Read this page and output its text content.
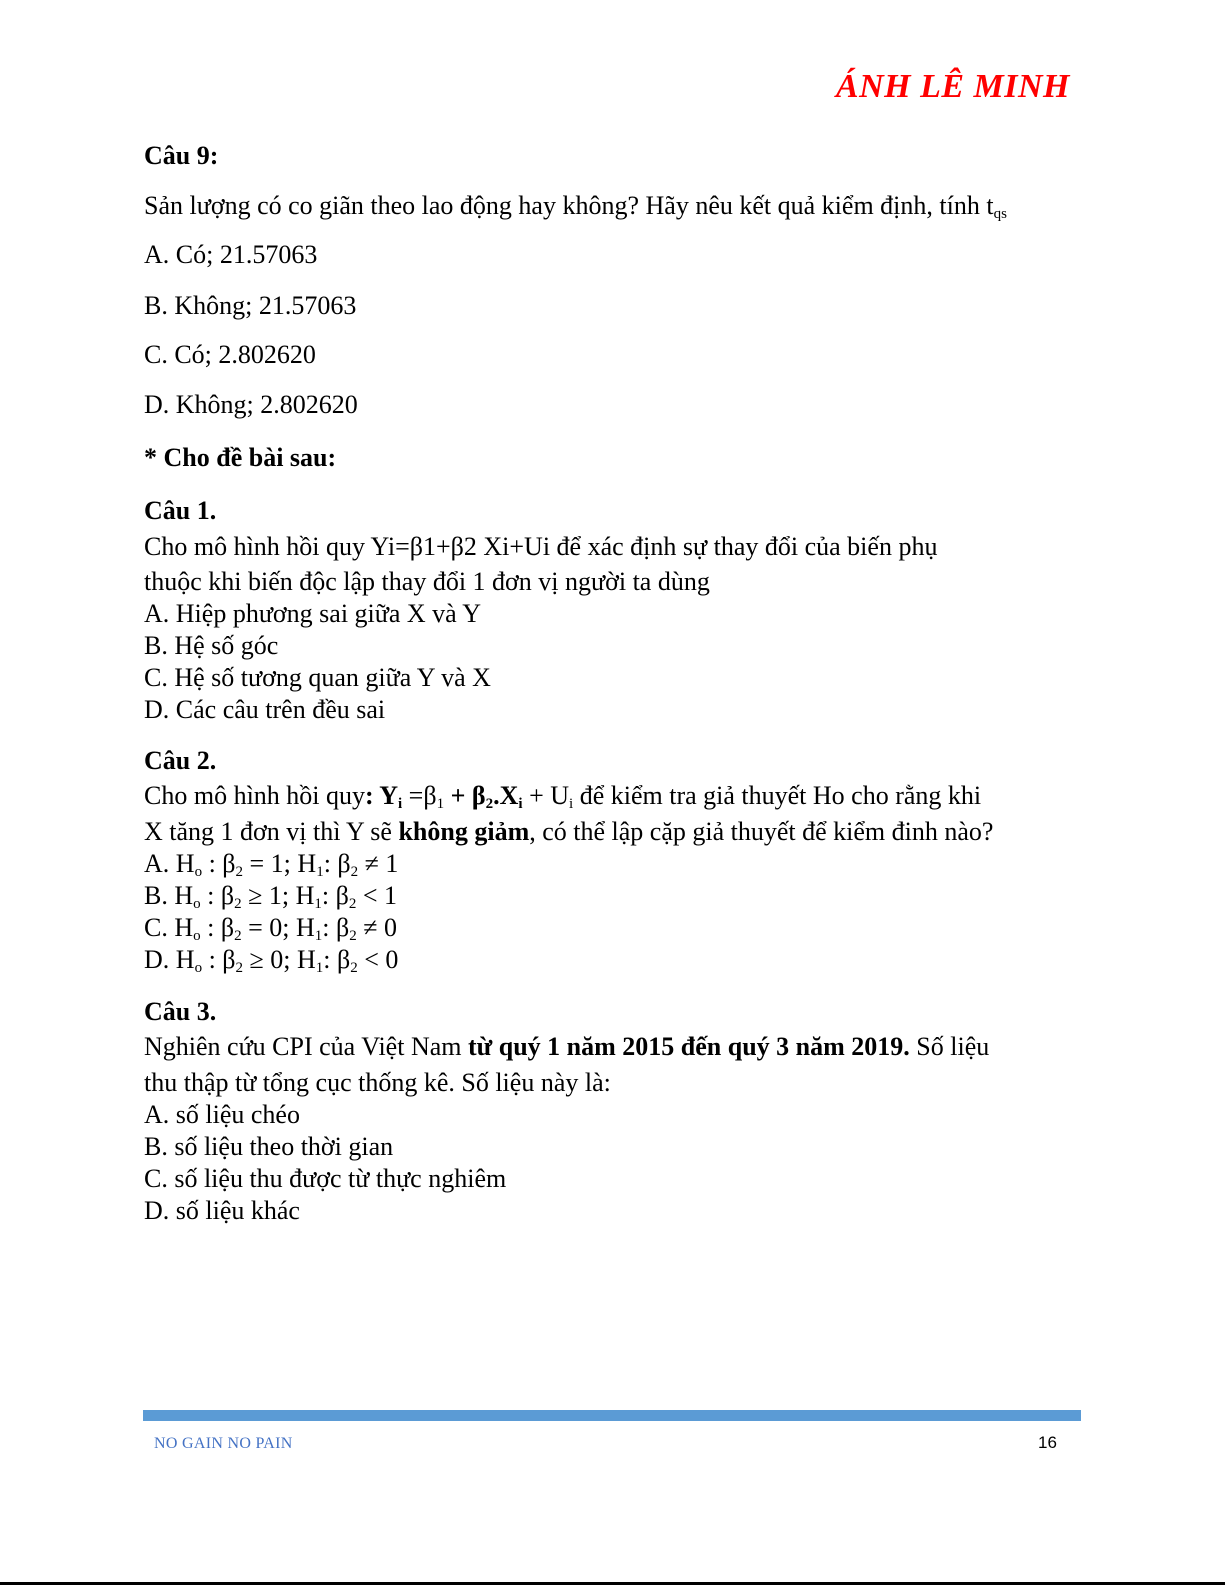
ÁNH LÊ MINH
Câu 9:
Sản lượng có co giãn theo lao động hay không? Hãy nêu kết quả kiểm định, tính $t_{qs}$
A. Có; 21.57063
B. Không; 21.57063
C. Có; 2.802620
D. Không; 2.802620
* Cho đề bài sau:
Câu 1.
Cho mô hình hồi quy Yi=β1+β2 Xi+Ui để xác định sự thay đổi của biến phụ
thuộc khi biến độc lập thay đổi 1 đơn vị người ta dùng
A. Hiệp phương sai giữa X và Y
B. Hệ số góc
C. Hệ số tương quan giữa Y và X
D. Các câu trên đều sai
Câu 2.
Cho mô hình hồi quy: $Y_i =\beta_1 + \beta_2.X_i + U_i$ để kiểm tra giả thuyết Ho cho rằng khi
X tăng 1 đơn vị thì Y sẽ không giảm, có thể lập cặp giả thuyết để kiểm đinh nào?
A. $H_o$ : $\beta_2 = 1$; $H_1$: $\beta_2 \ne 1$
B. $H_o$ : $\beta_2 \ge 1$; $H_1$: $\beta_2 < 1$
C. $H_o$ : $\beta_2 = 0$; $H_1$: $\beta_2 \ne 0$
D. $H_o$ : $\beta_2 \ge 0$; $H_1$: $\beta_2 < 0$
Câu 3.
Nghiên cứu CPI của Việt Nam từ quý 1 năm 2015 đến quý 3 năm 2019. Số liệu
thu thập từ tổng cục thống kê. Số liệu này là:
A. số liệu chéo
B. số liệu theo thời gian
C. số liệu thu được từ thực nghiêm
D. số liệu khác
NO GAIN NO PAIN	16
